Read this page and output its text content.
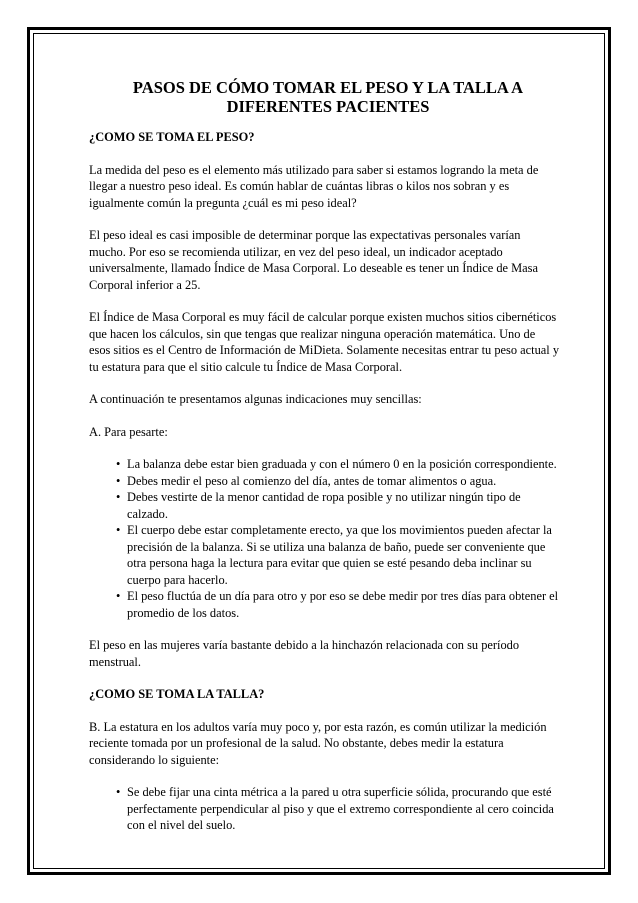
PASOS DE CÓMO TOMAR EL PESO Y LA TALLA A DIFERENTES PACIENTES

¿COMO SE TOMA EL PESO?

La medida del peso es el elemento más utilizado para saber si estamos logrando la meta de llegar a nuestro peso ideal. Es común hablar de cuántas libras o kilos nos sobran y es igualmente común la pregunta ¿cuál es mi peso ideal?

El peso ideal es casi imposible de determinar porque las expectativas personales varían mucho. Por eso se recomienda utilizar, en vez del peso ideal, un indicador aceptado universalmente, llamado Índice de Masa Corporal. Lo deseable es tener un Índice de Masa Corporal inferior a 25.

El Índice de Masa Corporal es muy fácil de calcular porque existen muchos sitios cibernéticos que hacen los cálculos, sin que tengas que realizar ninguna operación matemática. Uno de esos sitios es el Centro de Información de MiDieta. Solamente necesitas entrar tu peso actual y tu estatura para que el sitio calcule tu Índice de Masa Corporal.

A continuación te presentamos algunas indicaciones muy sencillas:

A. Para pesarte:

• La balanza debe estar bien graduada y con el número 0 en la posición correspondiente.
• Debes medir el peso al comienzo del día, antes de tomar alimentos o agua.
• Debes vestirte de la menor cantidad de ropa posible y no utilizar ningún tipo de calzado.
• El cuerpo debe estar completamente erecto, ya que los movimientos pueden afectar la precisión de la balanza. Si se utiliza una balanza de baño, puede ser conveniente que otra persona haga la lectura para evitar que quien se esté pesando deba inclinar su cuerpo para hacerlo.
• El peso fluctúa de un día para otro y por eso se debe medir por tres días para obtener el promedio de los datos.

El peso en las mujeres varía bastante debido a la hinchazón relacionada con su período menstrual.

¿COMO SE TOMA LA TALLA?

B. La estatura en los adultos varía muy poco y, por esta razón, es común utilizar la medición reciente tomada por un profesional de la salud. No obstante, debes medir la estatura considerando lo siguiente:

• Se debe fijar una cinta métrica a la pared u otra superficie sólida, procurando que esté perfectamente perpendicular al piso y que el extremo correspondiente al cero coincida con el nivel del suelo.
